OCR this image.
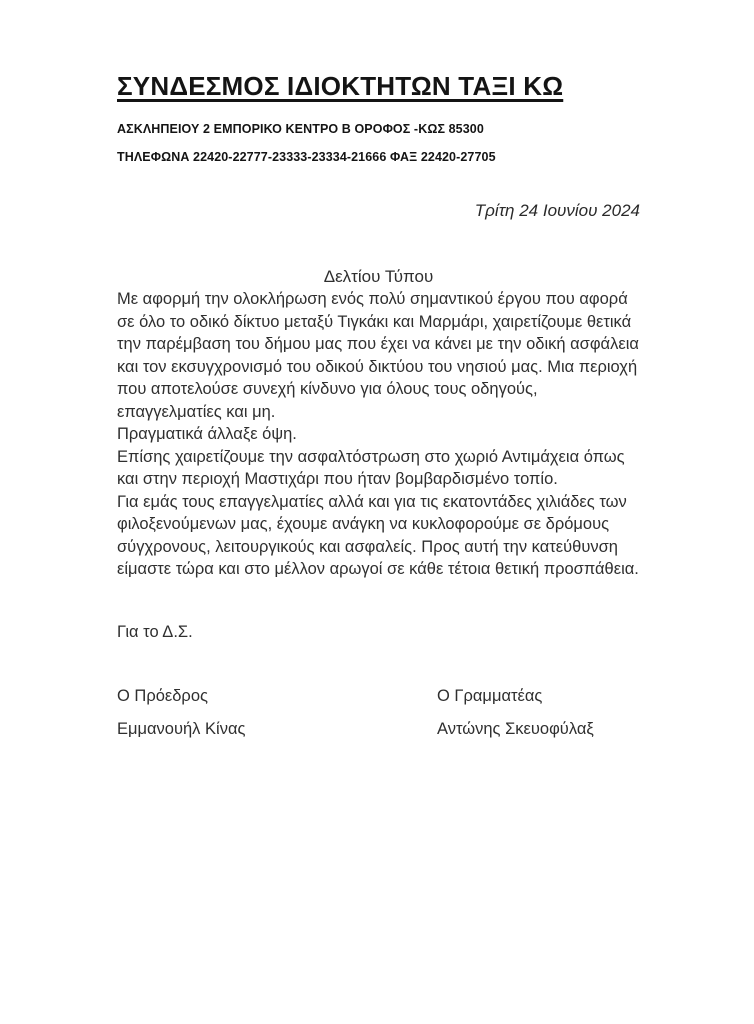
ΣΥΝΔΕΣΜΟΣ ΙΔΙΟΚΤΗΤΩΝ ΤΑΞΙ ΚΩ
ΑΣΚΛΗΠΕΙΟΥ 2 ΕΜΠΟΡΙΚΟ ΚΕΝΤΡΟ Β ΟΡΟΦΟΣ -ΚΩΣ 85300
ΤΗΛΕΦΩΝΑ 22420-22777-23333-23334-21666 ΦΑΞ 22420-27705
Τρίτη 24 Ιουνίου 2024
Δελτίου Τύπου

Με αφορμή την ολοκλήρωση ενός πολύ σημαντικού έργου που αφορά σε όλο το οδικό δίκτυο μεταξύ Τιγκάκι και Μαρμάρι, χαιρετίζουμε θετικά την παρέμβαση του δήμου μας που έχει να κάνει με την οδική ασφάλεια και τον εκσυγχρονισμό του οδικού δικτύου του νησιού μας. Μια περιοχή που αποτελούσε συνεχή κίνδυνο για όλους τους οδηγούς, επαγγελματίες και μη.

Πραγματικά άλλαξε όψη.

Επίσης χαιρετίζουμε την ασφαλτόστρωση στο χωριό Αντιμάχεια όπως και στην περιοχή Μαστιχάρι που ήταν βομβαρδισμένο τοπίο.

Για εμάς τους επαγγελματίες αλλά και για τις εκατοντάδες χιλιάδες των φιλοξενούμενων μας, έχουμε ανάγκη να κυκλοφορούμε σε δρόμους σύγχρονους, λειτουργικούς και ασφαλείς. Προς αυτή την κατεύθυνση είμαστε τώρα και στο μέλλον αρωγοί σε κάθε τέτοια θετική προσπάθεια.

Για το Δ.Σ.
Ο Πρόεδρος
Εμμανουήλ Κίνας
Ο Γραμματέας
Αντώνης Σκευοφύλαξ
